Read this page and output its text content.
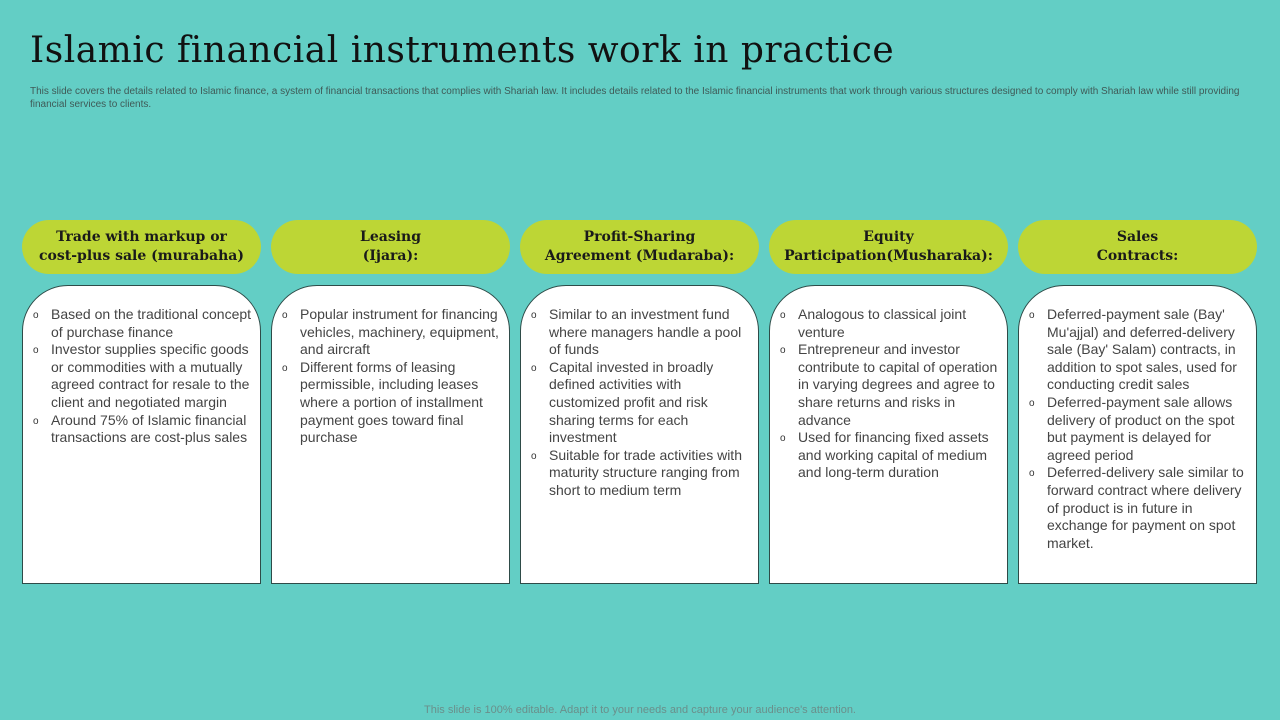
Islamic financial instruments work in practice
This slide covers the details related to Islamic finance, a system of financial transactions that complies with Shariah law. It includes details related to the Islamic financial instruments that work through various structures designed to comply with Shariah law while still providing financial services to clients.
Trade with markup or
cost-plus sale (murabaha)
o Based on the traditional concept of purchase finance
o Investor supplies specific goods or commodities with a mutually agreed contract for resale to the client and negotiated margin
o Around 75% of Islamic financial transactions are cost-plus sales
Leasing
(Ijara):
o Popular instrument for financing vehicles, machinery, equipment, and aircraft
o Different forms of leasing permissible, including leases where a portion of installment payment goes toward final purchase
Profit-Sharing
Agreement (Mudaraba):
o Similar to an investment fund where managers handle a pool of funds
o Capital invested in broadly defined activities with customized profit and risk sharing terms for each investment
o Suitable for trade activities with maturity structure ranging from short to medium term
Equity
Participation(Musharaka):
o Analogous to classical joint venture
o Entrepreneur and investor contribute to capital of operation in varying degrees and agree to share returns and risks in advance
o Used for financing fixed assets and working capital of medium and long-term duration
Sales
Contracts:
o Deferred-payment sale (Bay' Mu'ajjal) and deferred-delivery sale (Bay' Salam) contracts, in addition to spot sales, used for conducting credit sales
o Deferred-payment sale allows delivery of product on the spot but payment is delayed for agreed period
o Deferred-delivery sale similar to forward contract where delivery of product is in future in exchange for payment on spot market.
This slide is 100% editable. Adapt it to your needs and capture your audience's attention.
